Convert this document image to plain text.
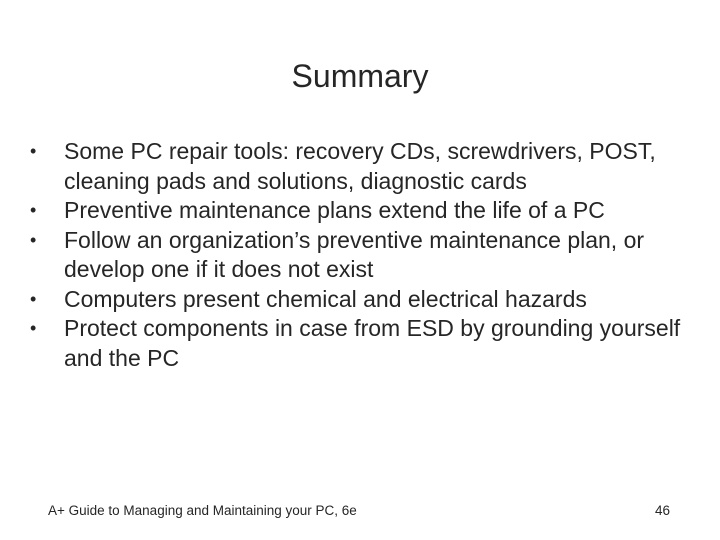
Summary
•	Some PC repair tools: recovery CDs, screwdrivers, POST, cleaning pads and solutions, diagnostic cards
•	Preventive maintenance plans extend the life of a PC
•	Follow an organization’s preventive maintenance plan, or develop one if it does not exist
•	Computers present chemical and electrical hazards
•	Protect components in case from ESD by grounding yourself and the PC
A+ Guide to Managing and Maintaining your PC, 6e	46
